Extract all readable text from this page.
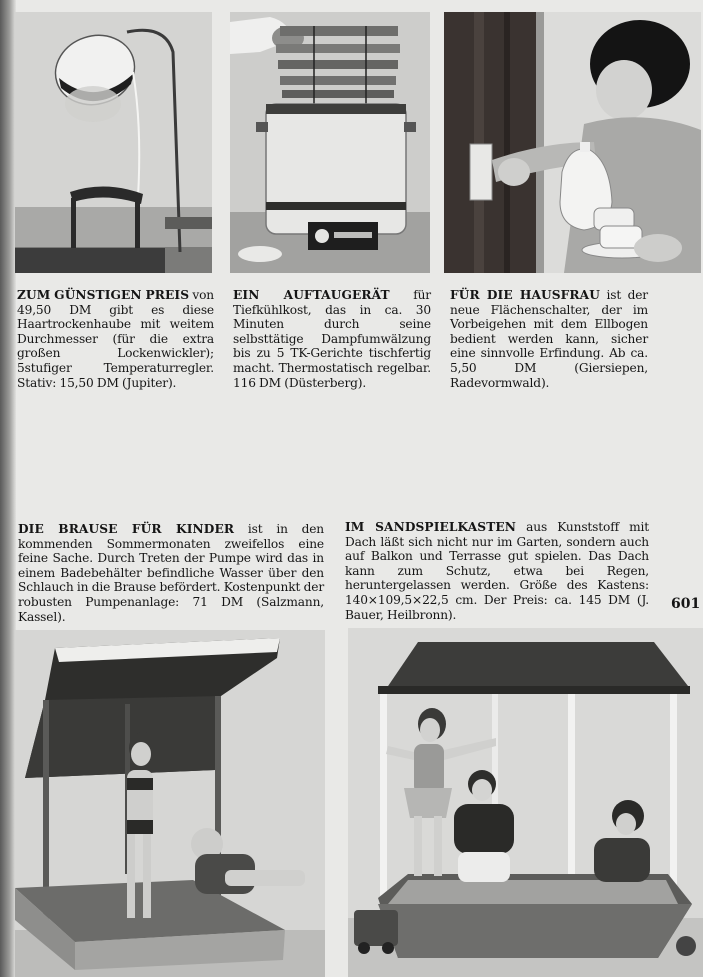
ZUM GÜNSTIGEN PREIS von 49,50 DM gibt es diese Haartrockenhaube mit weitem Durchmesser (für die extra großen Lockenwickler); 5stufiger Temperaturregler. Stativ: 15,50 DM (Jupiter).
EIN AUFTAUGERÄT für Tiefkühlkost, das in ca. 30 Minuten durch seine selbsttätige Dampfumwälzung bis zu 5 TK-Gerichte tischfertig macht. Thermostatisch regelbar. 116 DM (Düsterberg).
FÜR DIE HAUSFRAU ist der neue Flächenschalter, der im Vorbeigehen mit dem Ellbogen bedient werden kann, sicher eine sinnvolle Erfindung. Ab ca. 5,50 DM (Giersiepen, Radevormwald).
DIE BRAUSE FÜR KINDER ist in den kommenden Sommermonaten zweifellos eine feine Sache. Durch Treten der Pumpe wird das in einem Badebehälter befindliche Wasser über den Schlauch in die Brause befördert. Kostenpunkt der robusten Pumpenanlage: 71 DM (Salzmann, Kassel).
IM SANDSPIELKASTEN aus Kunststoff mit Dach läßt sich nicht nur im Garten, sondern auch auf Balkon und Terrasse gut spielen. Das Dach kann zum Schutz, etwa bei Regen, heruntergelassen werden. Größe des Kastens: 140×109,5×22,5 cm. Der Preis: ca. 145 DM (J. Bauer, Heilbronn).
601
